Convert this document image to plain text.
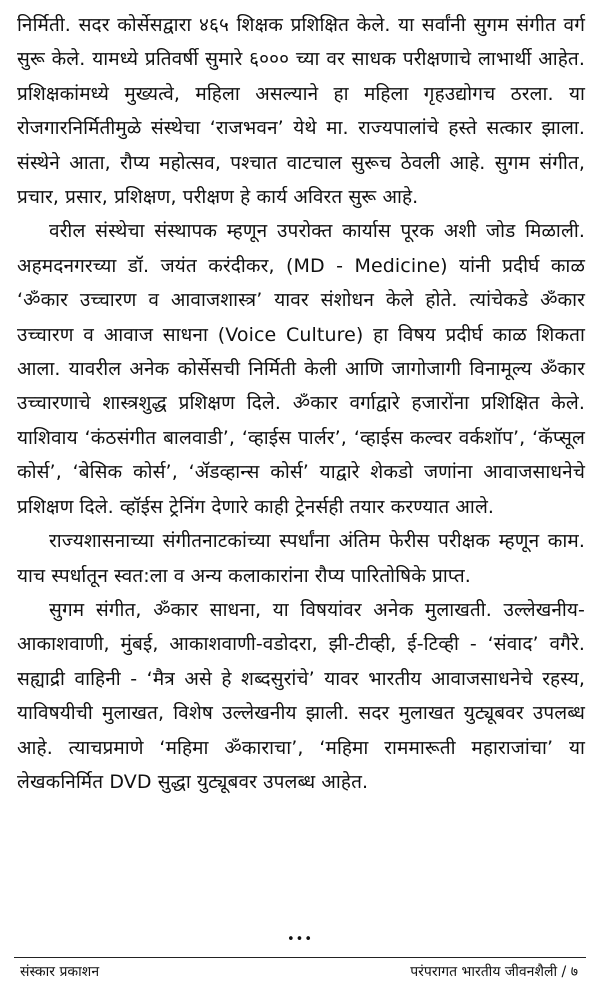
निर्मिती. सदर कोर्सेसद्वारा ४६५ शिक्षक प्रशिक्षित केले. या सर्वांनी सुगम संगीत वर्ग सुरू केले. यामध्ये प्रतिवर्षी सुमारे ६००० च्या वर साधक परीक्षणाचे लाभार्थी आहेत. प्रशिक्षकांमध्ये मुख्यत्वे, महिला असल्याने हा महिला गृहउद्योगच ठरला. या रोजगारनिर्मितीमुळे संस्थेचा ‘राजभवन’ येथे मा. राज्यपालांचे हस्ते सत्कार झाला. संस्थेने आता, रौप्य महोत्सव, पश्चात वाटचाल सुरूच ठेवली आहे. सुगम संगीत, प्रचार, प्रसार, प्रशिक्षण, परीक्षण हे कार्य अविरत सुरू आहे.

वरील संस्थेचा संस्थापक म्हणून उपरोक्त कार्यास पूरक अशी जोड मिळाली. अहमदनगरच्या डॉ. जयंत करंदीकर, (MD - Medicine) यांनी प्रदीर्घ काळ ‘ॐकार उच्चारण व आवाजशास्त्र’ यावर संशोधन केले होते. त्यांचेकडे ॐकार उच्चारण व आवाज साधना (Voice Culture) हा विषय प्रदीर्घ काळ शिकता आला. यावरील अनेक कोर्सेसची निर्मिती केली आणि जागोजागी विनामूल्य ॐकार उच्चारणाचे शास्त्रशुद्ध प्रशिक्षण दिले. ॐकार वर्गाद्वारे हजारोंना प्रशिक्षित केले. याशिवाय ‘कंठसंगीत बालवाडी’, ‘व्हाईस पार्लर’, ‘व्हाईस कल्वर वर्कशॉप’, ‘कॅप्सूल कोर्स’, ‘बेसिक कोर्स’, ‘ॲडव्हान्स कोर्स’ याद्वारे शेकडो जणांना आवाजसाधनेचे प्रशिक्षण दिले. व्हॉईस ट्रेनिंग देणारे काही ट्रेनर्सही तयार करण्यात आले.

राज्यशासनाच्या संगीतनाटकांच्या स्पर्धांना अंतिम फेरीस परीक्षक म्हणून काम. याच स्पर्धातून स्वत:ला व अन्य कलाकारांना रौप्य पारितोषिके प्राप्त.

सुगम संगीत, ॐकार साधना, या विषयांवर अनेक मुलाखती. उल्लेखनीय- आकाशवाणी, मुंबई, आकाशवाणी-वडोदरा, झी-टीव्ही, ई-टिव्ही - ‘संवाद’ वगैरे. सह्याद्री वाहिनी - ‘मैत्र असे हे शब्दसुरांचे’ यावर भारतीय आवाजसाधनेचे रहस्य, याविषयीची मुलाखत, विशेष उल्लेखनीय झाली. सदर मुलाखत युट्यूबवर उपलब्ध आहे. त्याचप्रमाणे ‘महिमा ॐकाराचा’, ‘महिमा राममारूती महाराजांचा’ या लेखकनिर्मित DVD सुद्धा युट्यूबवर उपलब्ध आहेत.

•••
संस्कार प्रकाशन	परंपरागत भारतीय जीवनशैली / ७
